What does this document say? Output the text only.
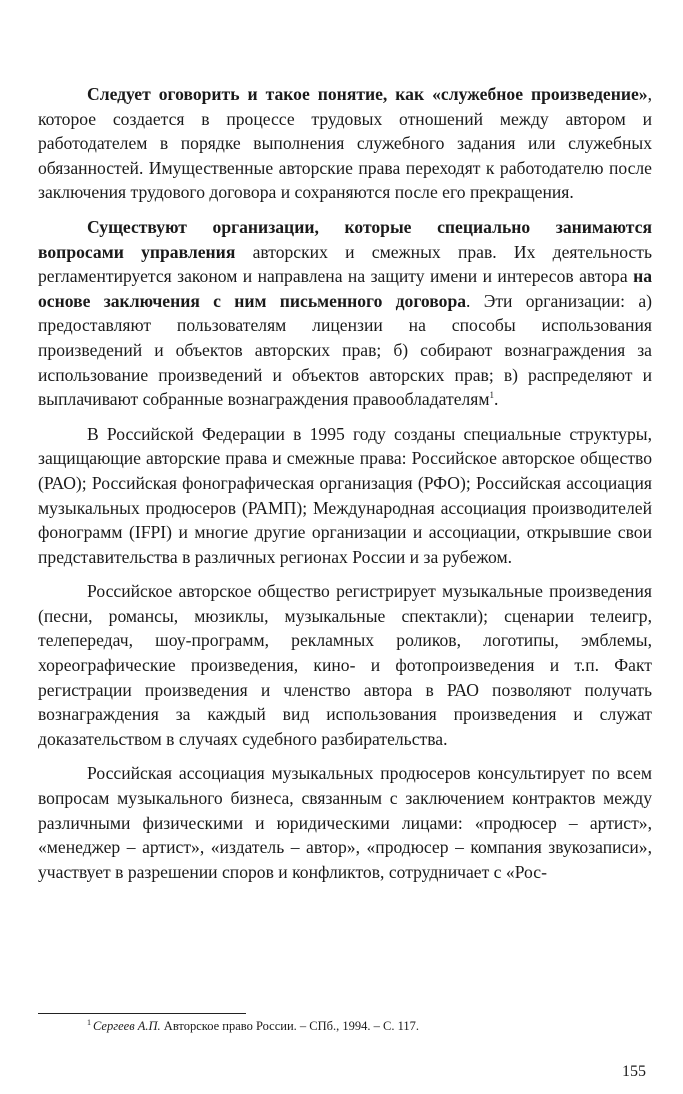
Следует оговорить и такое понятие, как «служебное произведение», которое создается в процессе трудовых отношений между автором и работодателем в порядке выполнения служебного задания или служебных обязанностей. Имущественные авторские права переходят к работодателю после заключения трудового договора и сохраняются после его прекращения.

Существуют организации, которые специально занимаются вопросами управления авторских и смежных прав. Их деятельность регламентируется законом и направлена на защиту имени и интересов автора на основе заключения с ним письменного договора. Эти организации: а) предоставляют пользователям лицензии на способы использования произведений и объектов авторских прав; б) собирают вознаграждения за использование произведений и объектов авторских прав; в) распределяют и выплачивают собранные вознаграждения правообладателям$^1$.

В Российской Федерации в 1995 году созданы специальные структуры, защищающие авторские права и смежные права: Российское авторское общество (РАО); Российская фонографическая организация (РФО); Российская ассоциация музыкальных продюсеров (РАМП); Международная ассоциация производителей фонограмм (IFPI) и многие другие организации и ассоциации, открывшие свои представительства в различных регионах России и за рубежом.

Российское авторское общество регистрирует музыкальные произведения (песни, романсы, мюзиклы, музыкальные спектакли); сценарии телеигр, телепередач, шоу-программ, рекламных роликов, логотипы, эмблемы, хореографические произведения, кино- и фотопроизведения и т.п. Факт регистрации произведения и членство автора в РАО позволяют получать вознаграждения за каждый вид использования произведения и служат доказательством в случаях судебного разбирательства.

Российская ассоциация музыкальных продюсеров консультирует по всем вопросам музыкального бизнеса, связанным с заключением контрактов между различными физическими и юридическими лицами: «продюсер – артист», «менеджер – артист», «издатель – автор», «продюсер – компания звукозаписи», участвует в разрешении споров и конфликтов, сотрудничает с «Рос-

$^1$ Сергеев А.П. Авторское право России. – СПб., 1994. – С. 117.
155
